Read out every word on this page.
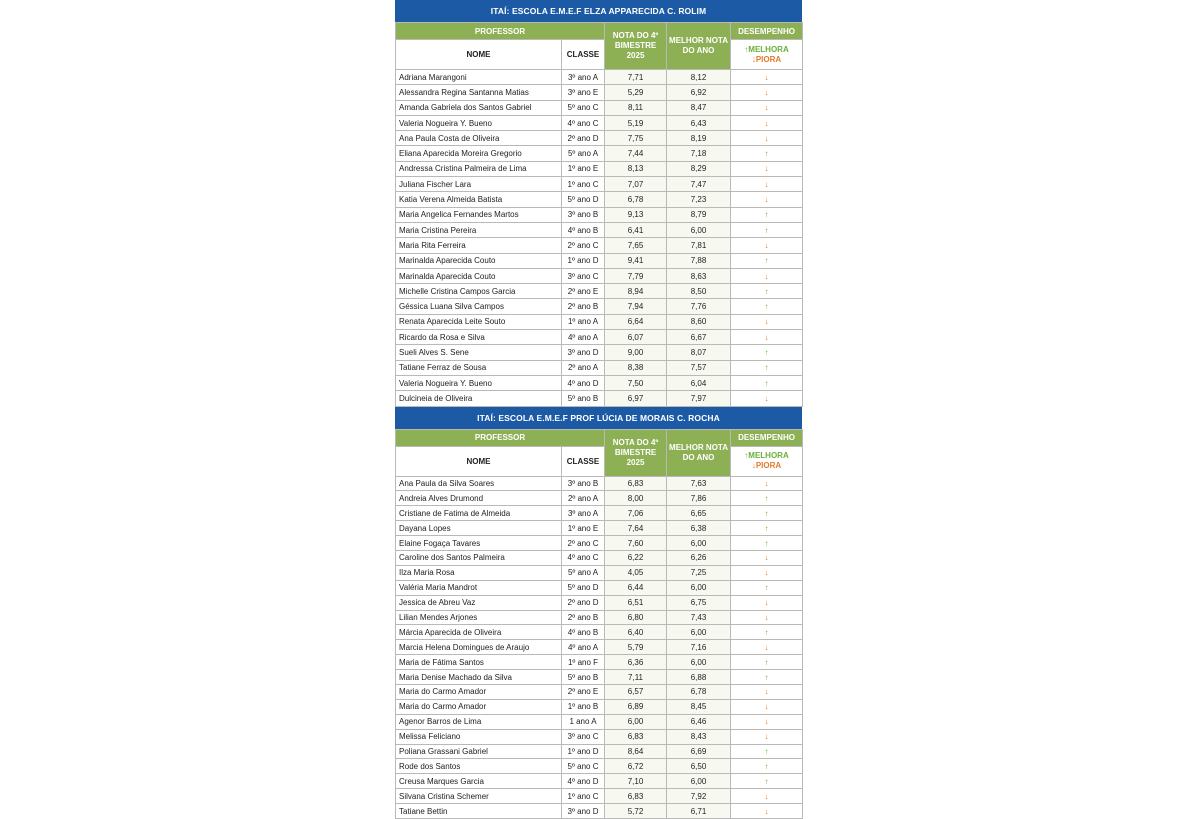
ITAÍ: ESCOLA E.M.E.F ELZA APPARECIDA C. ROLIM
PROFESSOR		NOTA DO 4º BIMESTRE 2025	MELHOR NOTA DO ANO	DESEMPENHO
NOME	CLASSE			↑MELHORA
↓PIORA

Adriana Marangoni	3º ano A	7,71	8,12	↓
Alessandra Regina Santanna Matias	3º ano E	5,29	6,92	↓
Amanda Gabriela dos Santos Gabriel	5º ano C	8,11	8,47	↓
Valeria Nogueira Y. Bueno	4º ano C	5,19	6,43	↓
Ana Paula Costa de Oliveira	2º ano D	7,75	8,19	↓
Eliana Aparecida Moreira Gregorio	5º ano A	7,44	7,18	↑
Andressa Cristina Palmeira de Lima	1º ano E	8,13	8,29	↓
Juliana Fischer Lara	1º ano C	7,07	7,47	↓
Katia Verena Almeida Batista	5º ano D	6,78	7,23	↓
Maria Angelica Fernandes Martos	3º ano B	9,13	8,79	↑
Maria Cristina Pereira	4º ano B	6,41	6,00	↑
Maria Rita Ferreira	2º ano C	7,65	7,81	↓
Marinalda Aparecida Couto	1º ano D	9,41	7,88	↑
Marinalda Aparecida Couto	3º ano C	7,79	8,63	↓
Michelle Cristina Campos Garcia	2º ano E	8,94	8,50	↑
Géssica Luana Silva Campos	2º ano B	7,94	7,76	↑
Renata Aparecida Leite Souto	1º ano A	6,64	8,60	↓
Ricardo da Rosa e Silva	4º ano A	6,07	6,67	↓
Sueli Alves S. Sene	3º ano D	9,00	8,07	↑
Tatiane Ferraz de Sousa	2º ano A	8,38	7,57	↑
Valeria Nogueira Y. Bueno	4º ano D	7,50	6,04	↑
Dulcineia de Oliveira	5º ano B	6,97	7,97	↓
ITAÍ: ESCOLA E.M.E.F PROF LÚCIA DE MORAIS C. ROCHA
PROFESSOR		NOTA DO 4º BIMESTRE 2025	MELHOR NOTA DO ANO	DESEMPENHO
NOME	CLASSE			↑MELHORA
↓PIORA

Ana Paula da Silva Soares	3º ano B	6,83	7,63	↓
Andreia Alves Drumond	2º ano A	8,00	7,86	↑
Cristiane de Fatima de Almeida	3º ano A	7,06	6,65	↑
Dayana Lopes	1º ano E	7,64	6,38	↑
Elaine Fogaça Tavares	2º ano C	7,60	6,00	↑
Caroline dos Santos Palmeira	4º ano C	6,22	6,26	↓
Ilza Maria Rosa	5º ano A	4,05	7,25	↓
Valéria Maria Mandrot	5º ano D	6,44	6,00	↑
Jessica de Abreu Vaz	2º ano D	6,51	6,75	↓
Lilian Mendes Arjones	2º ano B	6,80	7,43	↓
Márcia Aparecida de Oliveira	4º ano B	6,40	6,00	↑
Marcia Helena Domingues de Araujo	4º ano A	5,79	7,16	↓
Maria de Fátima Santos	1º ano F	6,36	6,00	↑
Maria Denise Machado da Silva	5º ano B	7,11	6,88	↑
Maria do Carmo Amador	2º ano E	6,57	6,78	↓
Maria do Carmo Amador	1º ano B	6,89	8,45	↓
Agenor Barros de Lima	1 ano A	6,00	6,46	↓
Melissa Feliciano	3º ano C	6,83	8,43	↓
Poliana Grassani Gabriel	1º ano D	8,64	6,69	↑
Rode dos Santos	5º ano C	6,72	6,50	↑
Creusa Marques Garcia	4º ano D	7,10	6,00	↑
Silvana Cristina Schemer	1º ano C	6,83	7,92	↓
Tatiane Bettin	3º ano D	5,72	6,71	↓
